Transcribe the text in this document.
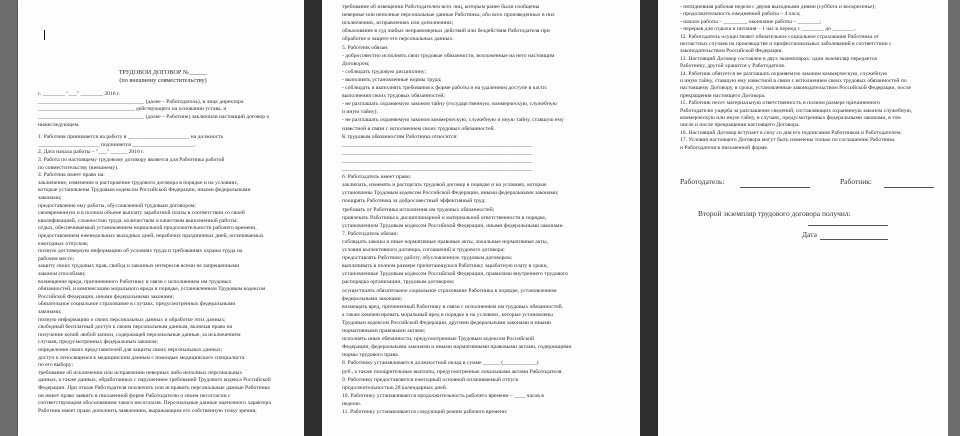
ТРУДОВОЙ ДОГОВОР №______
(по внешнему совместительству)
г. ________ "___" ________ 2016 г.
______________________________________ (далее – Работодатель), в лице директора
__________________________________, действующего на основании устава, и
______________________________________ (далее – Работник) заключили настоящий договор о
нижеследующем.
1. Работник принимается на работу в ______________________ на должность
______________________ подчиняется ______________________.
2. Дата начала работы – "___" ______ 2016 г.
3. Работа по настоящему трудовому договору является для Работника работой
по совместительству (внешнему).
4. Работник имеет право на:
заключение, изменение и расторжение трудового договора в порядке и на условиях,
которые установлены Трудовым кодексом Российской Федерации, иными федеральными
законами;
предоставление ему работы, обусловленной трудовым договором;
своевременную и в полном объеме выплату заработной платы в соответствии со своей
квалификацией, сложностью труда, количеством и качеством выполненной работы;
отдых, обеспечиваемый установлением нормальной продолжительности рабочего времени,
предоставлением еженедельных выходных дней, нерабочих праздничных дней, оплачиваемых
ежегодных отпусков;
полную достоверную информацию об условиях труда и требованиях охраны труда на
рабочем месте;
защиту своих трудовых прав, свобод и законных интересов всеми не запрещенными
законом способами;
возмещение вреда, причиненного Работнику в связи с исполнением им трудовых
обязанностей, и компенсацию морального вреда в порядке, установленном Трудовым кодексом
Российской Федерации, иными федеральными законами;
обязательное социальное страхование в случаях, предусмотренных федеральными
законами;
полную информацию о своих персональных данных и обработке этих данных;
свободный бесплатный доступ к своим персональным данным, включая право на
получение копий любой записи, содержащей персональные данные, за исключением
случаев, предусмотренных федеральным законом;
определение своих представителей для защиты своих персональных данных;
доступ к относящимся к медицинским данным с помощью медицинского специалиста
по его выбору;
требование об исключении или исправлении неверных либо неполных персональных
данных, а также данных, обработанных с нарушением требований Трудового кодекса Российской
Федерации. При отказе Работодателя исключить или исправить персональные данные Работника
он имеет право заявить в письменной форме Работодателю о своем несогласии с
соответствующим обоснованием такого несогласия. Персональные данные оценочного характера
Работник имеет право дополнить заявлением, выражающим его собственную точку зрения;
требование об извещении Работодателем всех лиц, которым ранее были сообщены
неверные или неполные персональные данные Работника, обо всех произведенных в них
исключениях, исправлениях или дополнениях;
обжалование в суд любых неправомерных действий или бездействия Работодателя при
обработке и защите его персональных данных.
5. Работник обязан:
- добросовестно исполнять свои трудовые обязанности, возложенные на него настоящим
Договором;
- соблюдать трудовую дисциплину;
- выполнять установленные нормы труда;
- соблюдать и выполнять требования к форме работы и на удаленном доступе в части:
выполнения своих трудовых обязанностей;
- не разглашать охраняемую законом тайну (государственную, коммерческую, служебную
и иную тайну);
- не разглашать охраняемую законом коммерческую, служебную и иную тайну, ставшую ему
известной в связи с исполнением своих трудовых обязанностей.
К трудовым обязанностям Работника относится:
____________________________________________________________________
____________________________________________________________________
____________________________________________________________________
____________________________________________________________________
6. Работодатель имеет право:
заключать, изменять и расторгать трудовой договор в порядке и на условиях, которые
установлены Трудовым кодексом Российской Федерации, иными федеральными законами;
поощрять Работника за добросовестный эффективный труд;
требовать от Работника исполнения им трудовых обязанностей;
привлекать Работника к дисциплинарной и материальной ответственности в порядке,
установленном Трудовым кодексом Российской Федерации, иными федеральными законами.
7. Работодатель обязан:
соблюдать законы и иные нормативные правовые акты, локальные нормативные акты,
условия коллективного договора, соглашений и трудового договора;
предоставлять Работнику работу, обусловленную трудовым договором;
выплачивать в полном размере причитающуюся Работнику заработную плату в сроки,
установленные Трудовым кодексом Российской Федерации, правилами внутреннего трудового
распорядка организации, трудовым договором;
осуществлять обязательное социальное страхование Работника в порядке, установленном
федеральными законами;
возмещать вред, причиненный Работнику в связи с исполнением им трудовых обязанностей,
а также компенсировать моральный вред в порядке и на условиях, которые установлены
Трудовым кодексом Российской Федерации, другими федеральными законами и иными
нормативными правовыми актами;
исполнять иные обязанности, предусмотренные Трудовым кодексом Российской
Федерации, федеральными законами и иными нормативными правовыми актами, содержащими
нормы трудового права.
8. Работнику устанавливается должностной оклад в сумме ______ (____________)
руб., а также поощрительные выплаты, предусмотренные локальными актами Работодателя.
9. Работнику предоставляется ежегодный основной оплачиваемый отпуск
продолжительностью 28 календарных дней.
10. Работнику устанавливается продолжительность рабочего времени – ____ часов в
неделю.
11. Работнику устанавливается следующий режим рабочего времени:
- пятидневная рабочая неделя с двумя выходными днями (суббота и воскресенье);
- продолжительность ежедневной работы – 4 часа;
- начало работы – ________, окончание работы – ________;
- перерыв для отдыха и питания – 1 час в период с ________ до ________.
12. Работодатель осуществляет обязательное социальное страхование Работника от
несчастных случаев на производстве и профессиональных заболеваний в соответствии с
законодательством Российской Федерации.
13. Настоящий Договор составлен в двух экземплярах: один экземпляр передается
Работнику, другой хранится у Работодателя.
14. Работник обязуется не разглашать охраняемую законом коммерческую, служебную
и иную тайну, ставшую ему известной в связи с исполнением своих трудовых обязанностей по
настоящему Договору, в сроки, установленные законодательством Российской Федерации, после
прекращения настоящего Договора.
15. Работник несет материальную ответственность в полном размере причиненного
Работодателю ущерба за разглашение сведений, составляющих охраняемую законом служебную,
коммерческую или иную тайну, в случаях, предусмотренных федеральными законами, в том
числе и после прекращения настоящего Договора.
16. Настоящий Договор вступает в силу со дня его подписания Работником и Работодателем.
17. Условия настоящего Договора могут быть изменены только по соглашению Работника
и Работодателя в письменной форме.
Работодатель:	Работник:
Второй экземпляр трудового договора получил:
Дата
